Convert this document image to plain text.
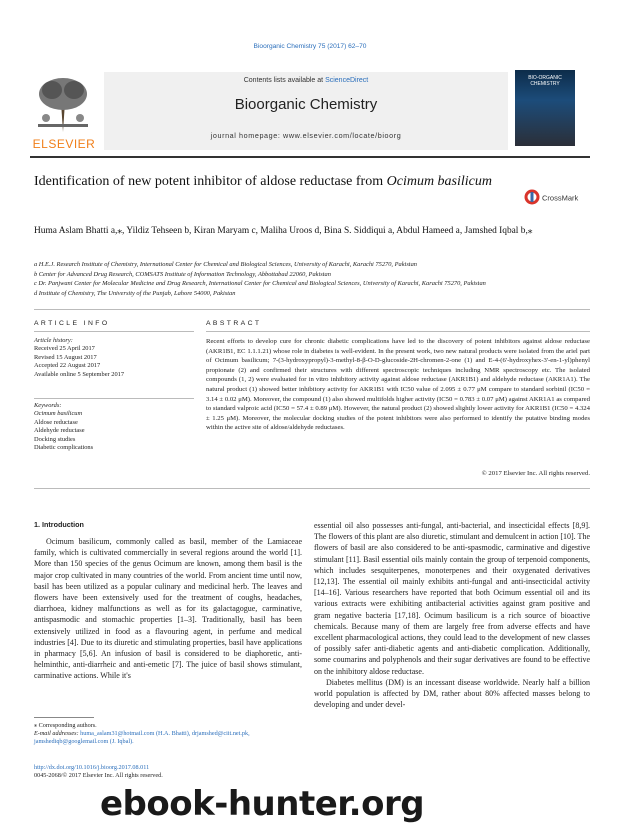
Bioorganic Chemistry 75 (2017) 62–70
ELSEVIER
Contents lists available at ScienceDirect
Bioorganic Chemistry
journal homepage: www.elsevier.com/locate/bioorg
BIO-ORGANIC CHEMISTRY
Identification of new potent inhibitor of aldose reductase from Ocimum basilicum
CrossMark
Huma Aslam Bhatti a,⁎, Yildiz Tehseen b, Kiran Maryam c, Maliha Uroos d, Bina S. Siddiqui a, Abdul Hameed a, Jamshed Iqbal b,⁎
a H.E.J. Research Institute of Chemistry, International Center for Chemical and Biological Sciences, University of Karachi, Karachi 75270, Pakistan
b Center for Advanced Drug Research, COMSATS Institute of Information Technology, Abbottabad 22060, Pakistan
c Dr. Panjwani Center for Molecular Medicine and Drug Research, International Center for Chemical and Biological Sciences, University of Karachi, Karachi 75270, Pakistan
d Institute of Chemistry, The University of the Punjab, Lahore 54000, Pakistan
ARTICLE INFO	ABSTRACT
Article history:
Received 25 April 2017
Revised 15 August 2017
Accepted 22 August 2017
Available online 5 September 2017
Keywords:
Ocimum basilicum
Aldose reductase
Aldehyde reductase
Docking studies
Diabetic complications
Recent efforts to develop cure for chronic diabetic complications have led to the discovery of potent inhibitors against aldose reductase (AKR1B1, EC 1.1.1.21) whose role in diabetes is well-evident. In the present work, two new natural products were isolated from the ariel part of Ocimum basilicum; 7-(3-hydroxypropyl)-3-methyl-8-β-O-D-glucoside-2H-chromen-2-one (1) and E-4-(6'-hydroxyhex-3'-en-1-yl)phenyl propionate (2) and confirmed their structures with different spectroscopic techniques including NMR spectroscopy etc. The isolated compounds (1, 2) were evaluated for in vitro inhibitory activity against aldose reductase (AKR1B1) and aldehyde reductase (AKR1A1). The natural product (1) showed better inhibitory activity for AKR1B1 with IC50 value of 2.095 ± 0.77 μM compare to standard sorbinil (IC50 = 3.14 ± 0.02 μM). Moreover, the compound (1) also showed multifolds higher activity (IC50 = 0.783 ± 0.07 μM) against AKR1A1 as compared to standard valproic acid (IC50 = 57.4 ± 0.89 μM). However, the natural product (2) showed slightly lower activity for AKR1B1 (IC50 = 4.324 ± 1.25 μM). Moreover, the molecular docking studies of the potent inhibitors were also performed to identify the putative binding modes within the active site of aldose/aldehyde reductases.
© 2017 Elsevier Inc. All rights reserved.
1. Introduction
Ocimum basilicum, commonly called as basil, member of the Lamiaceae family, which is cultivated commercially in several regions around the world [1]. More than 150 species of the genus Ocimum are known, among them basil is the major crop cultivated in many countries of the world. From ancient time until now, basil has been utilized as a popular culinary and medicinal herb. The leaves and flowers have been extensively used for the treatment of coughs, headaches, diarrhoea, kidney malfunctions as well as for its galactagogue, carminative, antispasmodic and stomachic properties [1–3]. Traditionally, basil has been extensively utilized in food as a flavouring agent, in perfume and medical industries [4]. Due to its diuretic and stimulating properties, basil have applications in pharmacy [5,6]. An infusion of basil is considered to be diaphoretic, anti-helminthic, anti-diarrheic and anti-emetic [7]. The juice of basil shows stimulant, carminative actions. While it's
essential oil also possesses anti-fungal, anti-bacterial, and insecticidal effects [8,9]. The flowers of this plant are also diuretic, stimulant and demulcent in action [10]. The flowers of basil are also considered to be anti-spasmodic, carminative and digestive stimulant [11]. Basil essential oils mainly contain the group of terpenoid components, which includes sesquiterpenes, monoterpenes and their oxygenated derivatives [12,13]. The essential oil mainly exhibits anti-fungal and anti-insecticidal activity [14–16]. Various researchers have reported that both Ocimum essential oil and its various extracts were exhibiting antibacterial activities against gram positive and gram negative bacteria [17,18]. Ocimum basilicum is a rich source of bioactive chemicals. Because many of them are largely free from adverse effects and have excellent pharmacological actions, they could lead to the development of new classes of possibly safer anti-diabetic agents and anti-diabetic complication. Additionally, some coumarins and polyphenols and their sugar derivatives are found to be effective on the inhibitory aldose reductase.
Diabetes mellitus (DM) is an incessant disease worldwide. Nearly half a billion world population is affected by DM, rather about 80% affected masses belong to developing and under devel-
⁎ Corresponding authors.
E-mail addresses: huma_aslam31@hotmail.com (H.A. Bhatti), drjamshed@ciit.net.pk, jamshediqb@googlemail.com (J. Iqbal).
http://dx.doi.org/10.1016/j.bioorg.2017.08.011
0045-2068/© 2017 Elsevier Inc. All rights reserved.
ebook-hunter.org
